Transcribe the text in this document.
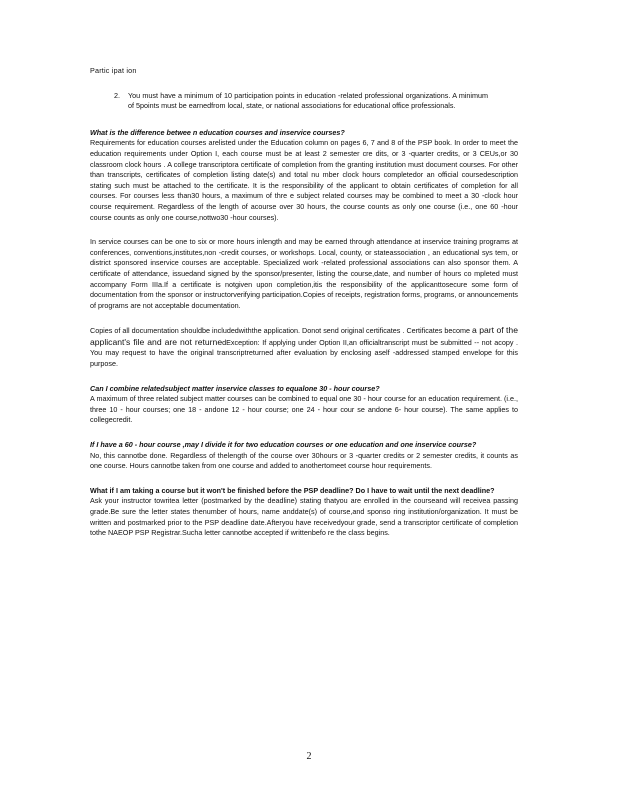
Partic ipat ion
2.	You must have a minimum of 10 participation points in education -related professional organizations. A minimum of 5points must be earnedfrom local, state, or national associations for educational office professionals.

What is the difference betwee n education courses and inservice courses?

Requirements for education courses arelisted under the Education column on pages 6, 7 and 8 of the PSP book. In order to meet the education requirements under Option I, each course must be at least 2 semester cre dits, or 3 -quarter credits, or 3 CEUs,or 30 classroom clock hours . A college transcriptora certificate of completion from the granting institution must document courses. For other than transcripts, certificates of completion listing date(s) and total nu mber clock hours completedor an official coursedescription stating such must be attached to the certificate. It is the responsibility of the applicant to obtain certificates of completion for all courses. For courses less than30 hours, a maximum of thre e subject related courses may be combined to meet a 30 -clock hour course requirement. Regardless of the length of acourse over 30 hours, the course counts as only one course (i.e., one 60 -hour course counts as only one course,nottwo30 -hour courses).

In service courses can be one to six or more hours inlength and may be earned through attendance at inservice training programs at conferences, conventions,institutes,non -credit courses, or workshops. Local, county, or stateassociation , an educational sys tem, or district sponsored inservice courses are acceptable. Specialized work -related professional associations can also sponsor them. A certificate of attendance, issuedand signed by the sponsor/presenter, listing the course,date, and number of hours co mpleted must accompany Form IIIa.If a certificate is notgiven upon completion,itis the responsibility of the applicanttosecure some form of documentation from the sponsor or instructorverifying participation.Copies of receipts, registration forms, programs, or announcements of programs are not acceptable documentation.

Copies of all documentation shouldbe includedwiththe application. Donot send original certificates . Certificates become a part of the applicant's file and are not returnedException: If applying under Option II,an officialtranscript must be submitted -- not acopy . You may request to have the original transcriptreturned after evaluation by enclosing aself -addressed stamped envelope for this purpose.

Can I combine relatedsubject matter inservice classes to equalone 30 - hour course?

A maximum of three related subject matter courses can be combined to equal one 30 - hour course for an education requirement. (i.e., three 10 - hour courses; one 18 - andone 12 - hour course; one 24 - hour cour se andone 6- hour course). The same applies to collegecredit.

If I have a 60 - hour course ,may I divide it for two education courses or one education and one inservice course?

No, this cannotbe done. Regardless of thelength of the course over 30hours or 3 -quarter credits or 2 semester credits, it counts as one course. Hours cannotbe taken from one course and added to anothertomeet course hour requirements.

What if I am taking a course but it won't be finished before the PSP deadline? Do I have to wait until the next deadline?

Ask your instructor towritea letter (postmarked by the deadline) stating thatyou are enrolled in the courseand will receivea passing grade.Be sure the letter states thenumber of hours, name anddate(s) of course,and sponso ring institution/organization. It must be written and postmarked prior to the PSP deadline date.Afteryou have receivedyour grade, send a transcriptor certificate of completion tothe NAEOP PSP Registrar.Sucha letter cannotbe accepted if writtenbefo re the class begins.

2
